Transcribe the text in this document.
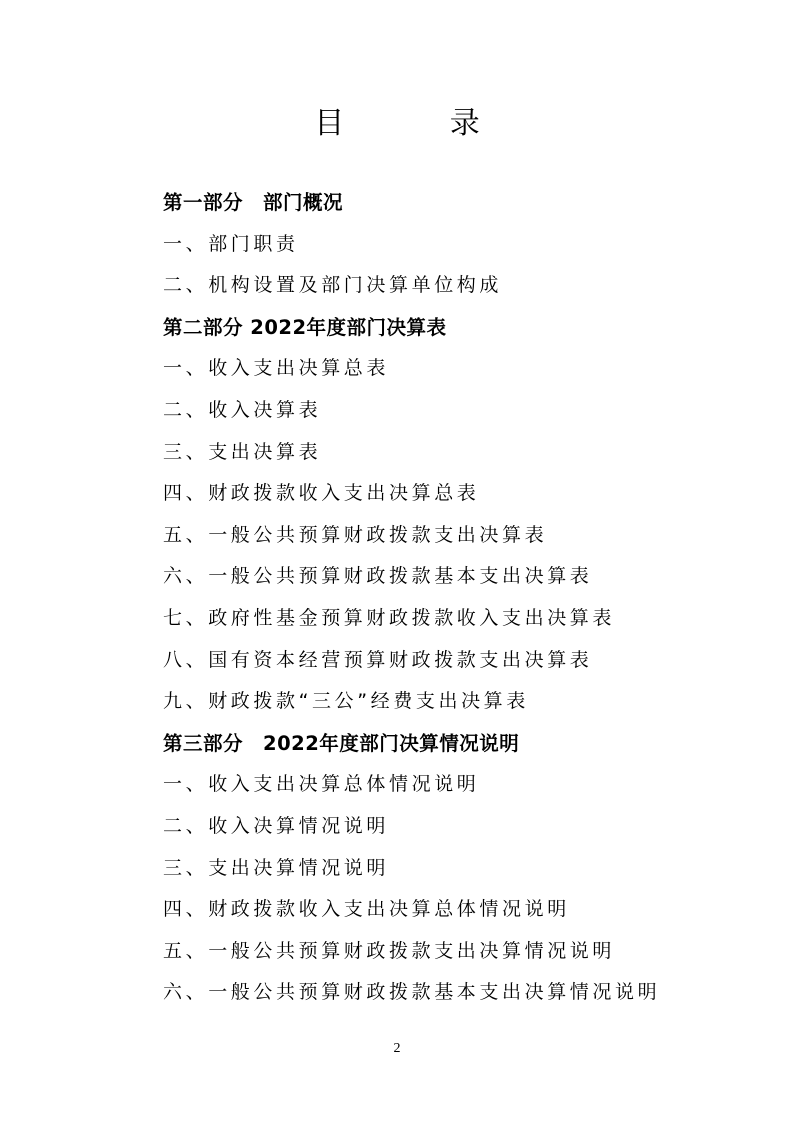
目 录
第一部分　部门概况
一、部门职责
二、机构设置及部门决算单位构成
第二部分 2022年度部门决算表
一、收入支出决算总表
二、收入决算表
三、支出决算表
四、财政拨款收入支出决算总表
五、一般公共预算财政拨款支出决算表
六、一般公共预算财政拨款基本支出决算表
七、政府性基金预算财政拨款收入支出决算表
八、国有资本经营预算财政拨款支出决算表
九、财政拨款“三公”经费支出决算表
第三部分　2022年度部门决算情况说明
一、收入支出决算总体情况说明
二、收入决算情况说明
三、支出决算情况说明
四、财政拨款收入支出决算总体情况说明
五、一般公共预算财政拨款支出决算情况说明
六、一般公共预算财政拨款基本支出决算情况说明
2
